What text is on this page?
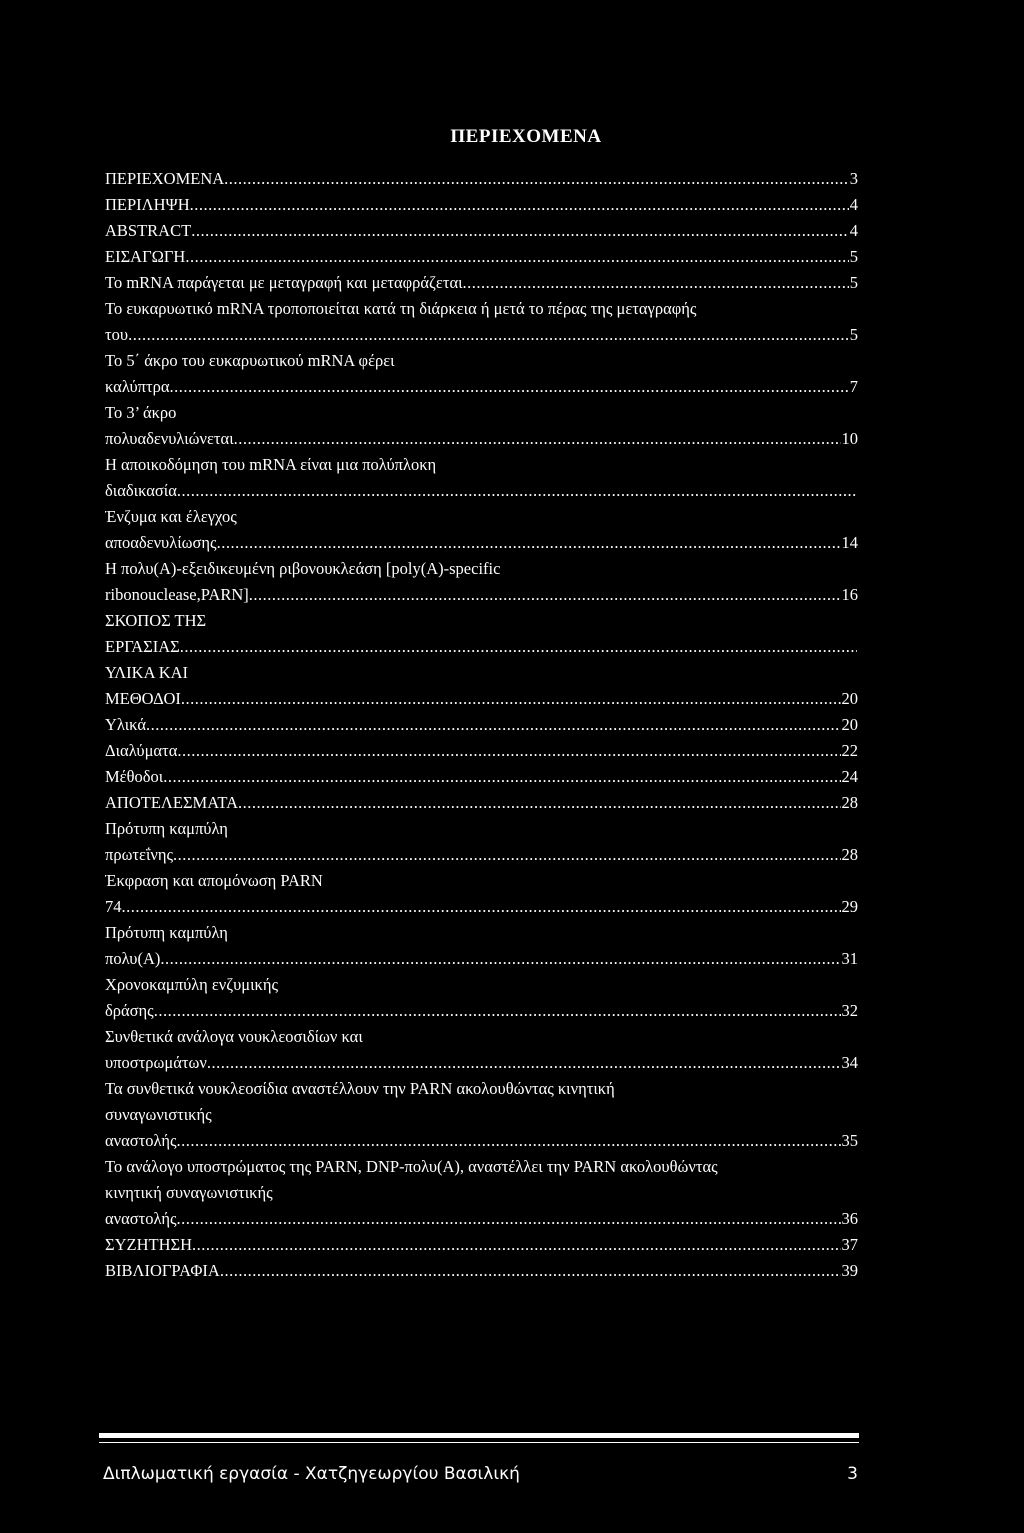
ΠΕΡΙΕΧΟΜΕΝΑ
ΠΕΡΙΕΧΟΜΕΝΑ .....	3
ΠΕΡΙΛΗΨΗ .....	4
ABSTRACT .....	4
ΕΙΣΑΓΩΓΗ .....	5
Το mRNA παράγεται με μεταγραφή και μεταφράζεται .....	5
Το ευκαρυωτικό mRNA τροποποιείται κατά τη διάρκεια ή μετά το πέρας της μεταγραφής
του .....	5
Το 5΄ άκρο του ευκαρυωτικού mRNA φέρει
καλύπτρα .....	7
Το 3’ άκρο
πολυαδενυλιώνεται .....	10
Η αποικοδόμηση του mRNA είναι μια πολύπλοκη
διαδικασία
.....
Ένζυμα και έλεγχος
αποαδενυλίωσης .....	14
Η πολυ(Α)-εξειδικευμένη ριβονουκλεάση [poly(A)-specific
ribonouclease,PARN] .....	16
ΣΚΟΠΟΣ ΤΗΣ
ΕΡΓΑΣΙΑΣ
.....
ΥΛΙΚΑ ΚΑΙ
ΜΕΘΟΔΟΙ .....	20
Υλικά .....	20
Διαλύματα .....	22
Μέθοδοι .....	24
ΑΠΟΤΕΛΕΣΜΑΤΑ .....	28
Πρότυπη καμπύλη
πρωτεΐνης .....	28
Έκφραση και απομόνωση PARN
74 .....	29
Πρότυπη καμπύλη
πολυ(A) .....	31
Χρονοκαμπύλη ενζυμικής
δράσης .....	32
Συνθετικά ανάλογα νουκλεοσιδίων και
υποστρωμάτων .....	34
Τα συνθετικά νουκλεοσίδια αναστέλλουν την PARN ακολουθώντας κινητική
συναγωνιστικής
αναστολής .....	35
Το ανάλογο υποστρώματος της PARN, DNP-πολυ(Α), αναστέλλει την PARN ακολουθώντας
κινητική συναγωνιστικής
αναστολής .....	36
ΣΥΖΗΤΗΣΗ .....	37
ΒΙΒΛΙΟΓΡΑΦΙΑ .....	39
Διπλωματική εργασία - Χατζηγεωργίου Βασιλική	3
